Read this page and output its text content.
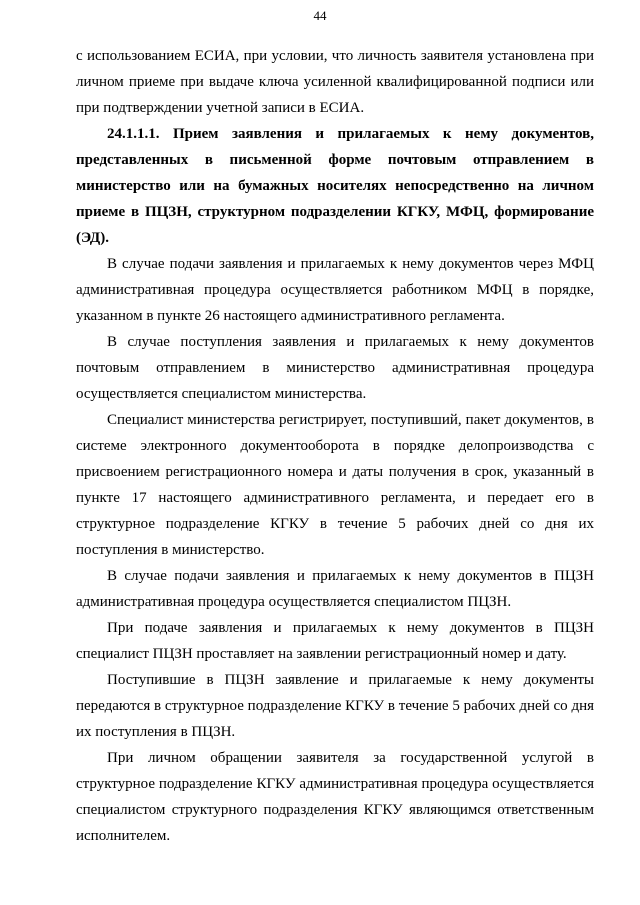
44

с использованием ЕСИА, при условии, что личность заявителя установлена при личном приеме при выдаче ключа усиленной квалифицированной подписи или при подтверждении учетной записи в ЕСИА.

24.1.1.1. Прием заявления и прилагаемых к нему документов, представленных в письменной форме почтовым отправлением в министерство или на бумажных носителях непосредственно на личном приеме в ПЦЗН, структурном подразделении КГКУ, МФЦ, формирование (ЭД).

В случае подачи заявления и прилагаемых к нему документов через МФЦ административная процедура осуществляется работником МФЦ в порядке, указанном в пункте 26 настоящего административного регламента.

В случае поступления заявления и прилагаемых к нему документов почтовым отправлением в министерство административная процедура осуществляется специалистом министерства.

Специалист министерства регистрирует, поступивший, пакет документов, в системе электронного документооборота в порядке делопроизводства с присвоением регистрационного номера и даты получения в срок, указанный в пункте 17 настоящего административного регламента, и передает его в структурное подразделение КГКУ в течение 5 рабочих дней со дня их поступления в министерство.

В случае подачи заявления и прилагаемых к нему документов в ПЦЗН административная процедура осуществляется специалистом ПЦЗН.

При подаче заявления и прилагаемых к нему документов в ПЦЗН специалист ПЦЗН проставляет на заявлении регистрационный номер и дату.

Поступившие в ПЦЗН заявление и прилагаемые к нему документы передаются в структурное подразделение КГКУ в течение 5 рабочих дней со дня их поступления в ПЦЗН.

При личном обращении заявителя за государственной услугой в структурное подразделение КГКУ административная процедура осуществляется специалистом структурного подразделения КГКУ являющимся ответственным исполнителем.
